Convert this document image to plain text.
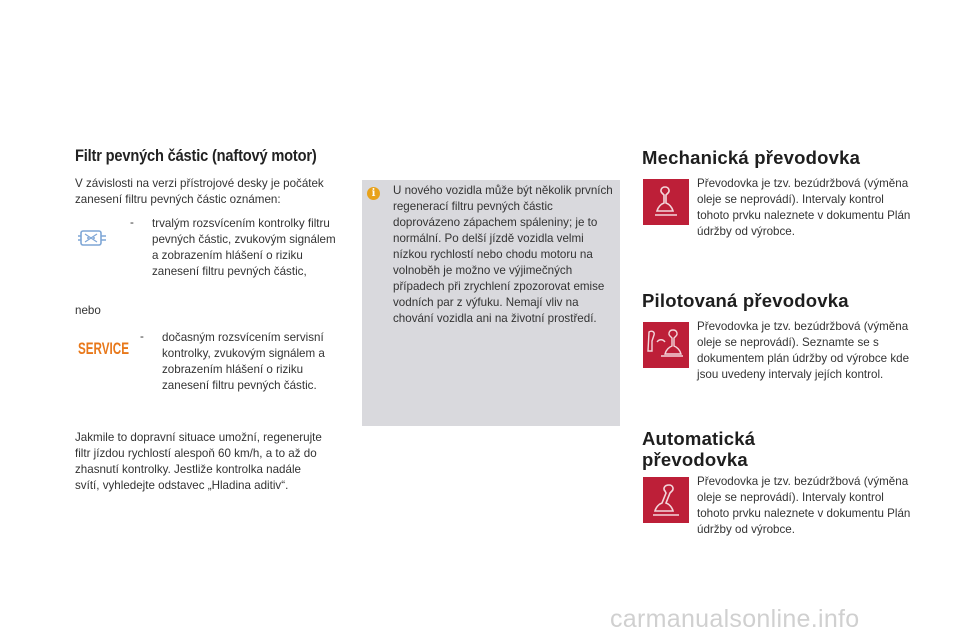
Filtr pevných částic (naftový motor)
V závislosti na verzi přístrojové desky je počátek zanesení filtru pevných částic oznámen:
- trvalým rozsvícením kontrolky filtru pevných částic, zvukovým signálem a zobrazením hlášení o riziku zanesení filtru pevných částic,
nebo
SERVICE
- dočasným rozsvícením servisní kontrolky, zvukovým signálem a zobrazením hlášení o riziku zanesení filtru pevných částic.
Jakmile to dopravní situace umožní, regenerujte filtr jízdou rychlostí alespoň 60 km/h, a to až do zhasnutí kontrolky. Jestliže kontrolka nadále svítí, vyhledejte odstavec „Hladina aditiv“.
i	U nového vozidla může být několik prvních regenerací filtru pevných částic doprovázeno zápachem spáleniny; je to normální. Po delší jízdě vozidla velmi nízkou rychlostí nebo chodu motoru na volnoběh je možno ve výjimečných případech při zrychlení zpozorovat emise vodních par z výfuku. Nemají vliv na chování vozidla ani na životní prostředí.
Mechanická převodovka
Převodovka je tzv. bezúdržbová (výměna oleje se neprovádí). Intervaly kontrol tohoto prvku naleznete v dokumentu Plán údržby od výrobce.
Pilotovaná převodovka
Převodovka je tzv. bezúdržbová (výměna oleje se neprovádí). Seznamte se s dokumentem plán údržby od výrobce kde jsou uvedeny intervaly jejích kontrol.
Automatická převodovka
Převodovka je tzv. bezúdržbová (výměna oleje se neprovádí). Intervaly kontrol tohoto prvku naleznete v dokumentu Plán údržby od výrobce.
carmanualsonline.info
